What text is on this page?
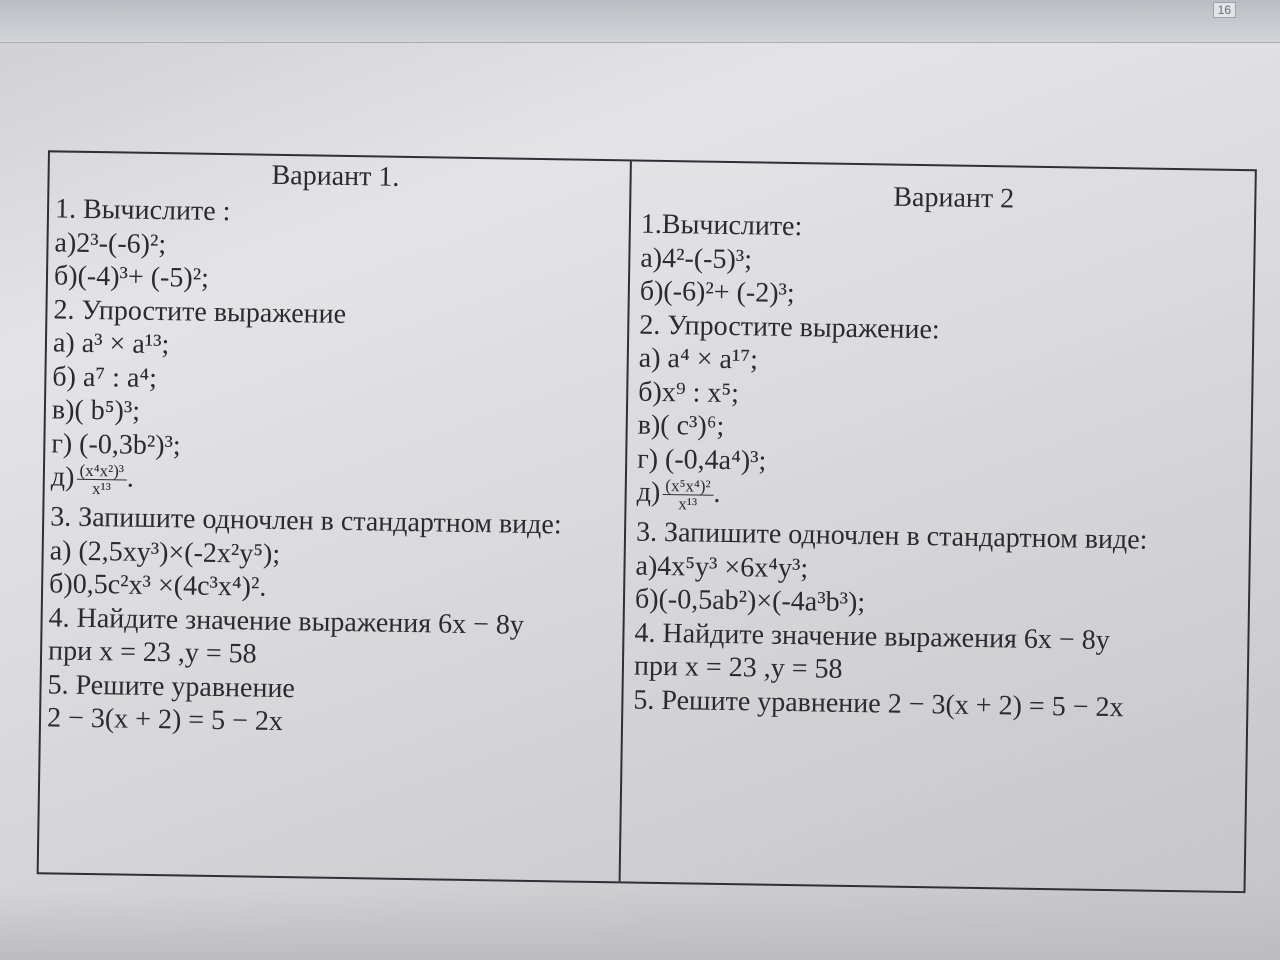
16
Вариант 1.
1. Вычислите :
а)2³-(-6)²;
б)(-4)³+ (-5)²;
2. Упростите выражение
а) a³ × a¹³;
б) a⁷ : a⁴;
в)( b⁵)³;
г) (-0,3b²)³;
$д) \frac{\text{(x⁴x²)³}}{\text{x¹³}}$ .
3. Запишите одночлен в стандартном виде:
а) (2,5xy³)×(-2x²y⁵);
б)0,5c²x³ ×(4c³x⁴)².
4. Найдите значение выражения 6x − 8y
при x = 23 ,y = 58
5. Решите уравнение
2 − 3(x + 2) = 5 − 2x
Вариант 2
1.Вычислите:
а)4²-(-5)³;
б)(-6)²+ (-2)³;
2. Упростите выражение:
а) a⁴ × a¹⁷;
б)x⁹ : x⁵;
в)( c³)⁶;
г) (-0,4a⁴)³;
$д) \frac{\text{(x⁵x⁴)²}}{\text{x¹³}}$ .
3. Запишите одночлен в стандартном виде:
а)4x⁵y³ ×6x⁴y³;
б)(-0,5ab²)×(-4a³b³);
4. Найдите значение выражения 6x − 8y
при x = 23 ,y = 58
5. Решите уравнение 2 − 3(x + 2) = 5 − 2x
